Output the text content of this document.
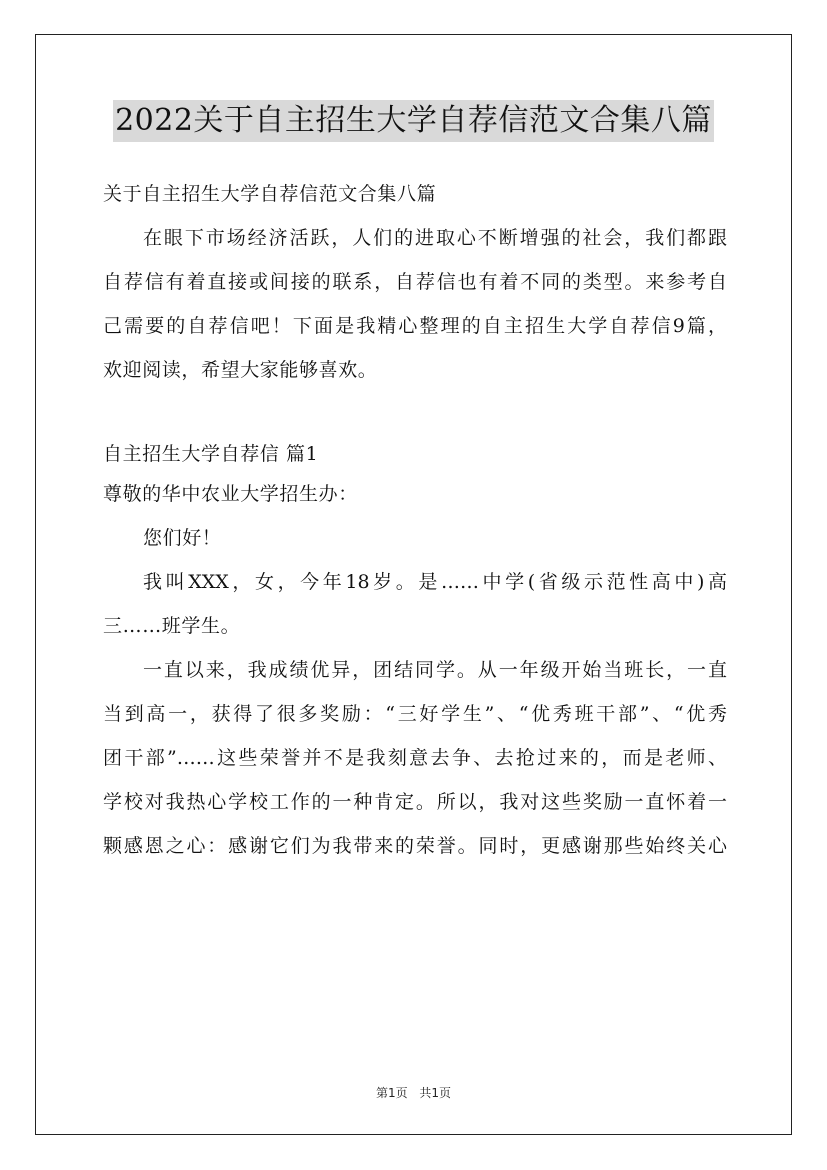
2022关于自主招生大学自荐信范文合集八篇
关于自主招生大学自荐信范文合集八篇
在眼下市场经济活跃，人们的进取心不断增强的社会，我们都跟
自荐信有着直接或间接的联系，自荐信也有着不同的类型。来参考自
己需要的自荐信吧！下面是我精心整理的自主招生大学自荐信9篇，
欢迎阅读，希望大家能够喜欢。
自主招生大学自荐信 篇1
尊敬的华中农业大学招生办：
您们好！
我叫XXX，女，今年18岁。是……中学(省级示范性高中)高
三……班学生。
一直以来，我成绩优异，团结同学。从一年级开始当班长，一直
当到高一，获得了很多奖励：“三好学生”、“优秀班干部”、“优秀
团干部”……这些荣誉并不是我刻意去争、去抢过来的，而是老师、
学校对我热心学校工作的一种肯定。所以，我对这些奖励一直怀着一
颗感恩之心：感谢它们为我带来的荣誉。同时，更感谢那些始终关心
第1页 共1页
